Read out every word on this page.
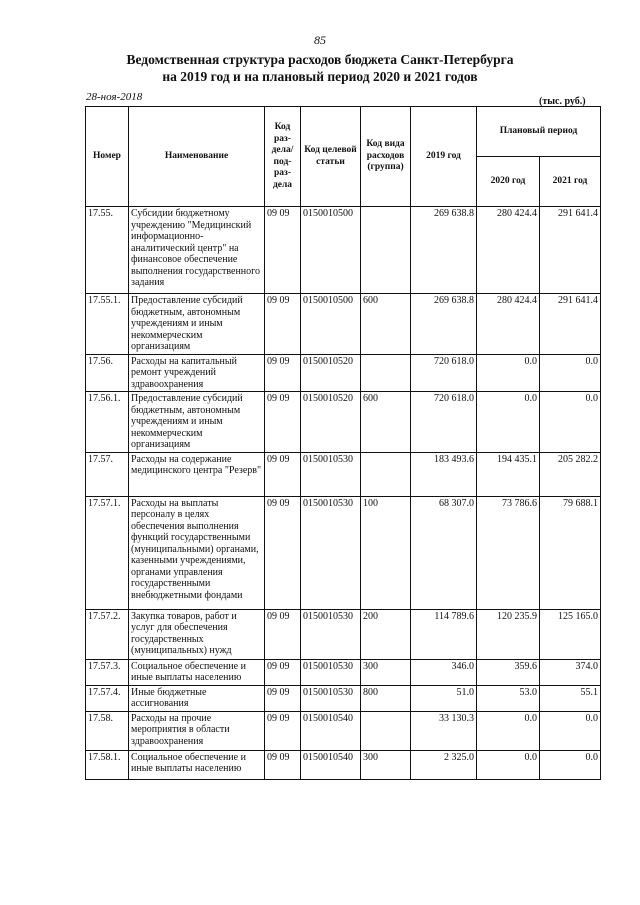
85
Ведомственная структура расходов бюджета Санкт-Петербурга
на 2019 год и на плановый период 2020 и 2021 годов
28-ноя-2018	(тыс. руб.)
Номер	Наименование	Код раз-дела/ под-раз-дела	Код целевой статьи	Код вида расходов (группа)	2019 год	Плановый период	
						2020 год	2021 год
17.55.	Субсидии бюджетному учреждению "Медицинский информационно-аналитический центр" на финансовое обеспечение выполнения государственного задания	09 09	0150010500		269 638.8	280 424.4	291 641.4
17.55.1.	Предоставление субсидий бюджетным, автономным учреждениям и иным некоммерческим организациям	09 09	0150010500	600	269 638.8	280 424.4	291 641.4
17.56.	Расходы на капитальный ремонт учреждений здравоохранения	09 09	0150010520		720 618.0	0.0	0.0
17.56.1.	Предоставление субсидий бюджетным, автономным учреждениям и иным некоммерческим организациям	09 09	0150010520	600	720 618.0	0.0	0.0
17.57.	Расходы на содержание медицинского центра "Резерв"	09 09	0150010530		183 493.6	194 435.1	205 282.2
17.57.1.	Расходы на выплаты персоналу в целях обеспечения выполнения функций государственными (муниципальными) органами, казенными учреждениями, органами управления государственными внебюджетными фондами	09 09	0150010530	100	68 307.0	73 786.6	79 688.1
17.57.2.	Закупка товаров, работ и услуг для обеспечения государственных (муниципальных) нужд	09 09	0150010530	200	114 789.6	120 235.9	125 165.0
17.57.3.	Социальное обеспечение и иные выплаты населению	09 09	0150010530	300	346.0	359.6	374.0
17.57.4.	Иные бюджетные ассигнования	09 09	0150010530	800	51.0	53.0	55.1
17.58.	Расходы на прочие мероприятия в области здравоохранения	09 09	0150010540		33 130.3	0.0	0.0
17.58.1.	Социальное обеспечение и иные выплаты населению	09 09	0150010540	300	2 325.0	0.0	0.0
